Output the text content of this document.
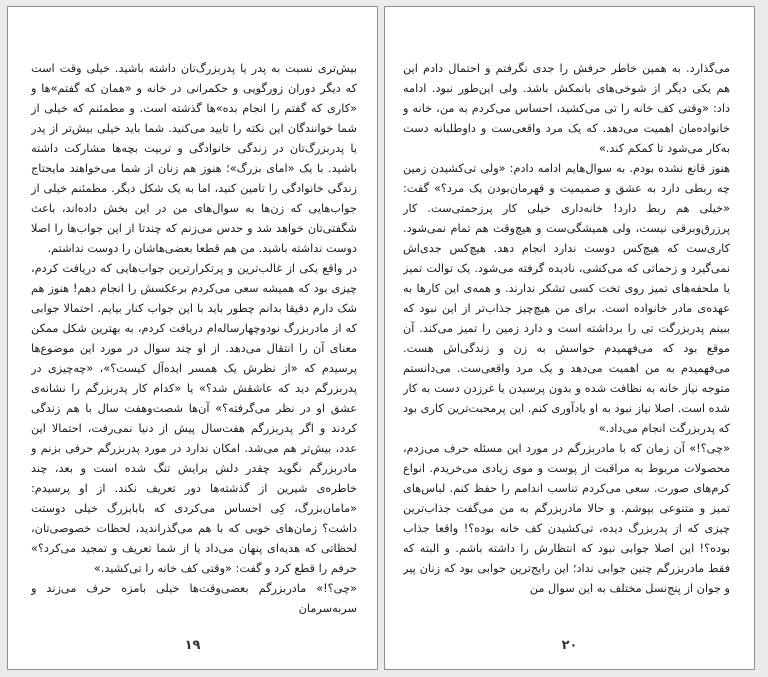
بیش‌تری نسبت به پدر یا پدربزرگ‌تان داشته باشید. خیلی وقت است که دیگر دوران زورگویی و حکمرانی در خانه و «همان که گفتم»ها و «کاری که گفتم را انجام بده»ها گذشته است. و مطمئنم که خیلی از شما خوانندگان این نکته را تایید می‌کنید. شما باید خیلی بیش‌تر از پدر یا پدربزرگ‌تان در زندگی خانوادگی و تربیت بچه‌ها مشارکت داشته باشید. با یک «امای بزرگ»؛ هنوز هم زنان از شما می‌خواهند مایحتاج زندگی خانوادگی را تامین کنید، اما به یک شکل دیگر. مطمئنم خیلی از جواب‌هایی که زن‌ها به سوال‌های من در این بخش داده‌اند، باعث شگفتی‌تان خواهد شد و حدس می‌زنم که چندتا از این جواب‌ها را اصلا دوست نداشته باشید. من هم قطعا بعضی‌هاشان را دوست نداشتم.

در واقع یکی از غالب‌ترین و پرتکرارترین جواب‌هایی که دریافت کردم، چیزی بود که همیشه سعی می‌کردم برعکسش را انجام دهم! هنوز هم شک دارم دقیقا بدانم چطور باید با این جواب کنار بیایم. احتمالا جوابی که از مادربزرگ نودوچهارساله‌ام دریافت کردم، به بهترین شکل ممکن معنای آن را انتقال می‌دهد. از او چند سوال در مورد این موضوع‌ها پرسیدم که «از نظرش یک همسر ایده‌آل کیست؟»، «چه‌چیزی در پدربزرگم دید که عاشقش شد؟» یا «کدام کار پدربزرگم را نشانه‌ی عشق او در نظر می‌گرفته؟» آن‌ها شصت‌وهفت سال با هم زندگی کردند و اگر پدربزرگم هفت‌سال پیش از دنیا نمی‌رفت، احتمالا این عدد، بیش‌تر هم می‌شد. امکان ندارد در مورد پدربزرگم حرفی بزنم و مادربزرگم نگوید چقدر دلش برایش تنگ شده است و بعد، چند خاطره‌ی شیرین از گذشته‌ها دور تعریف نکند. از او پرسیدم: «مامان‌بزرگ، کِی احساس می‌کردی که بابابزرگ خیلی دوستت داشت؟ زمان‌های خوبی که با هم می‌گذراندید، لحظات خصوصی‌تان، لحظاتی که هدیه‌ای پنهان می‌داد یا از شما تعریف و تمجید می‌کرد؟» حرفم را قطع کرد و گفت: «وقتی کف خانه را تی‌کشید.»

«چی؟!» مادربزرگم بعضی‌وقت‌ها خیلی بامزه حرف می‌زند و سربه‌سرمان

۱۹

می‌گذارد. به همین خاطر حرفش را جدی نگرفتم و احتمال دادم این هم یکی دیگر از شوخی‌های بانمکش باشد. ولی این‌طور نبود. ادامه داد: «وقتی کف خانه را تی می‌کشید، احساس می‌کردم به من، خانه و خانواده‌مان اهمیت می‌دهد. که یک مرد واقعی‌ست و داوطلبانه دست به‌کار می‌شود تا کمکم کند.»

هنوز قانع نشده بودم. به سوال‌هایم ادامه دادم: «ولی تی‌کشیدن زمین چه ربطی دارد به عشق و صمیمیت و قهرمان‌بودن یک مرد؟» گفت: «خیلی هم ربط دارد! خانه‌داری خیلی کار پرزحمتی‌ست. کار پرزرق‌وبرقی نیست، ولی همیشگی‌ست و هیچ‌وقت هم تمام نمی‌شود. کاری‌ست که هیچ‌کس دوست ندارد انجام دهد. هیچ‌کس جدی‌اش نمی‌گیرد و زحماتی که می‌کشی، نادیده گرفته می‌شود. یک توالت تمیز یا ملحفه‌های تمیز روی تخت کسی تشکر ندارند. و همه‌ی این کارها به عهده‌ی مادر خانواده است. برای من هیچ‌چیز جذاب‌تر از این نبود که ببینم پدربزرگت تی را برداشته است و دارد زمین را تمیز می‌کند. آن موقع بود که می‌فهمیدم حواسش به زن و زندگی‌اش هست. می‌فهمیدم به من اهمیت می‌دهد و یک مرد واقعی‌ست. می‌دانستم متوجه نیاز خانه به نظافت شده و بدون پرسیدن یا غرزدن دست به کار شده است. اصلا نیاز نبود به او یادآوری کنم. این پرمحبت‌ترین کاری بود که پدربزرگت انجام می‌داد.»

«چی؟!» آن زمان که با مادربزرگم در مورد این مسئله حرف می‌زدم، محصولات مربوط به مراقبت از پوست و موی زیادی می‌خریدم. انواع کرم‌های صورت. سعی می‌کردم تناسب اندامم را حفظ کنم. لباس‌های تمیز و متنوعی بپوشم. و حالا مادربزرگم به من می‌گفت جذاب‌ترین چیزی که از پدربزرگ دیده، تی‌کشیدن کف خانه بوده؟! واقعا جذاب بوده؟! این اصلا جوابی نبود که انتظارش را داشته باشم. و البته که فقط مادربزرگم چنین جوابی نداد؛ این رایج‌ترین جوابی بود که زنان پیر و جوان از پنج‌نسل مختلف به این سوال من

۲۰
